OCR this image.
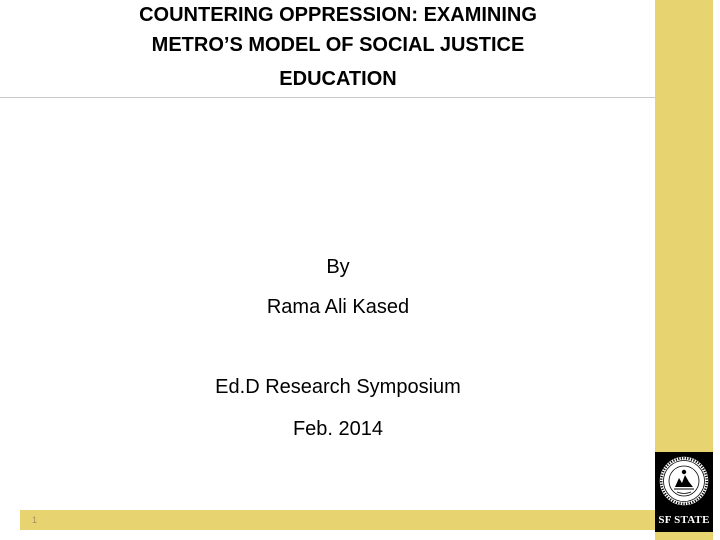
COUNTERING OPPRESSION: EXAMINING
METRO’S MODEL OF SOCIAL JUSTICE
EDUCATION
By
Rama Ali Kased
Ed.D Research Symposium
Feb. 2014
1	SF STATE
